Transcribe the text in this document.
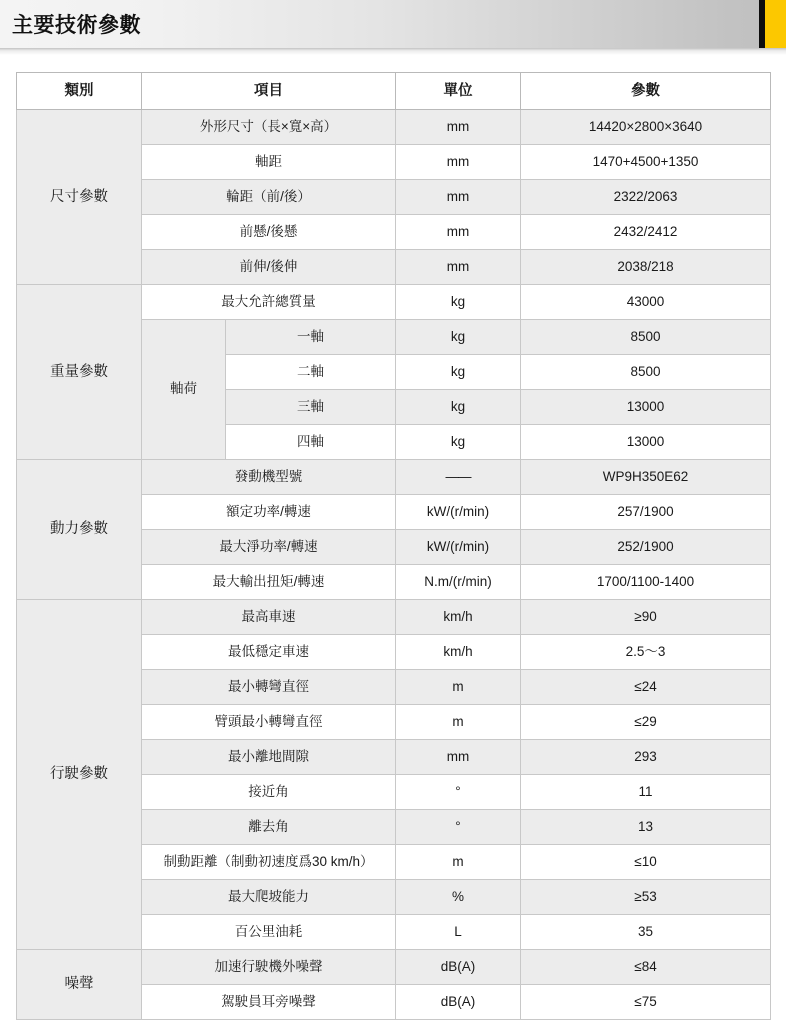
主要技術參數
類別	項目		單位	參數
尺寸參數	外形尺寸（長×寬×高）		mm	14420×2800×3640
	軸距		mm	1470+4500+1350
	輪距（前/後）		mm	2322/2063
	前懸/後懸		mm	2432/2412
	前伸/後伸		mm	2038/218
重量參數	最大允許總質量		kg	43000
	軸荷	一軸	kg	8500
		二軸	kg	8500
		三軸	kg	13000
		四軸	kg	13000
動力參數	發動機型號		——	WP9H350E62
	額定功率/轉速		kW/(r/min)	257/1900
	最大淨功率/轉速		kW/(r/min)	252/1900
	最大輸出扭矩/轉速		N.m/(r/min)	1700/1100-1400
行駛參數	最高車速		km/h	≥90
	最低穩定車速		km/h	2.5～3
	最小轉彎直徑		m	≤24
	臂頭最小轉彎直徑		m	≤29
	最小離地間隙		mm	293
	接近角		°	11
	離去角		°	13
	制動距離（制動初速度爲30 km/h）		m	≤10
	最大爬坡能力		%	≥53
	百公里油耗		L	35
噪聲	加速行駛機外噪聲		dB(A)	≤84
	駕駛員耳旁噪聲		dB(A)	≤75
